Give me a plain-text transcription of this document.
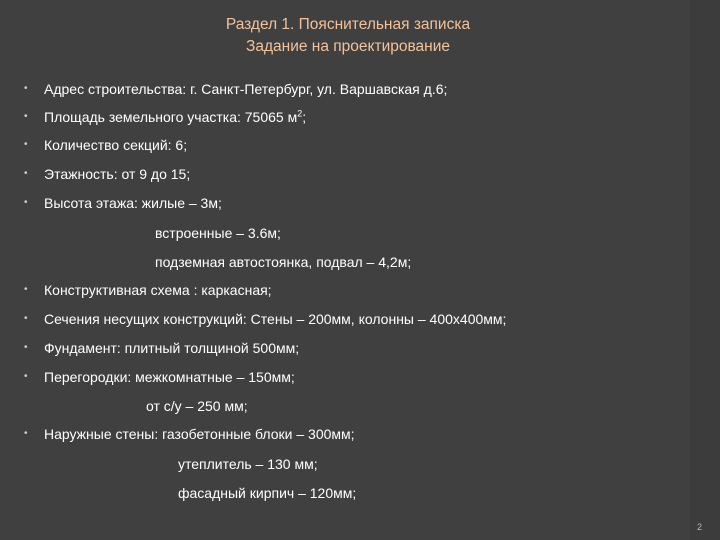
Раздел 1. Пояснительная записка
Задание на проектирование
• Адрес строительства: г. Санкт-Петербург, ул. Варшавская д.6;
• Площадь земельного участка: 75065 $м^2$;
• Количество секций: 6;
• Этажность: от 9 до 15;
• Высота этажа: жилые – 3м;
встроенные – 3.6м;
подземная автостоянка, подвал – 4,2м;
• Конструктивная схема : каркасная;
• Сечения несущих конструкций: Стены – 200мм, колонны – 400х400мм;
• Фундамент: плитный толщиной 500мм;
• Перегородки: межкомнатные – 150мм;
от с/у – 250 мм;
• Наружные стены: газобетонные блоки – 300мм;
утеплитель – 130 мм;
фасадный кирпич – 120мм;
2
